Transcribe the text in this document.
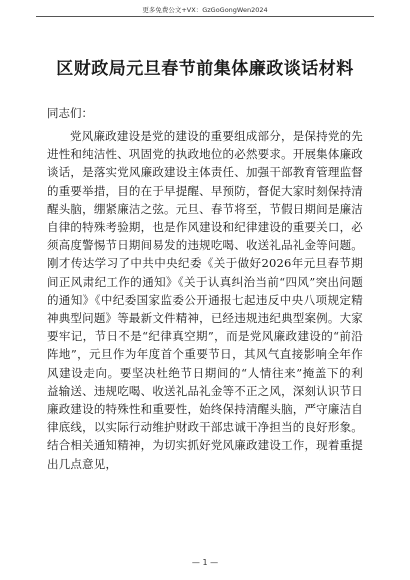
更多免费公文+VX：GzGoGongWen2024
区财政局元旦春节前集体廉政谈话材料
同志们：

党风廉政建设是党的建设的重要组成部分，是保持党的先进性和纯洁性、巩固党的执政地位的必然要求。开展集体廉政谈话，是落实党风廉政建设主体责任、加强干部教育管理监督的重要举措，目的在于早提醒、早预防，督促大家时刻保持清醒头脑，绷紧廉洁之弦。元旦、春节将至，节假日期间是廉洁自律的特殊考验期，也是作风建设和纪律建设的重要关口，必须高度警惕节日期间易发的违规吃喝、收送礼品礼金等问题。刚才传达学习了中共中央纪委《关于做好2026年元旦春节期间正风肃纪工作的通知》《关于认真纠治当前“四风”突出问题的通知》《中纪委国家监委公开通报七起违反中央八项规定精神典型问题》等最新文件精神，已经违规违纪典型案例。大家要牢记，节日不是“纪律真空期”，而是党风廉政建设的“前沿阵地”，元旦作为年度首个重要节日，其风气直接影响全年作风建设走向。要坚决杜绝节日期间的“人情往来”掩盖下的利益输送、违规吃喝、收送礼品礼金等不正之风，深刻认识节日廉政建设的特殊性和重要性，始终保持清醒头脑，严守廉洁自律底线，以实际行动维护财政干部忠诚干净担当的良好形象。结合相关通知精神，为切实抓好党风廉政建设工作，现着重提出几点意见，

— 1 —
